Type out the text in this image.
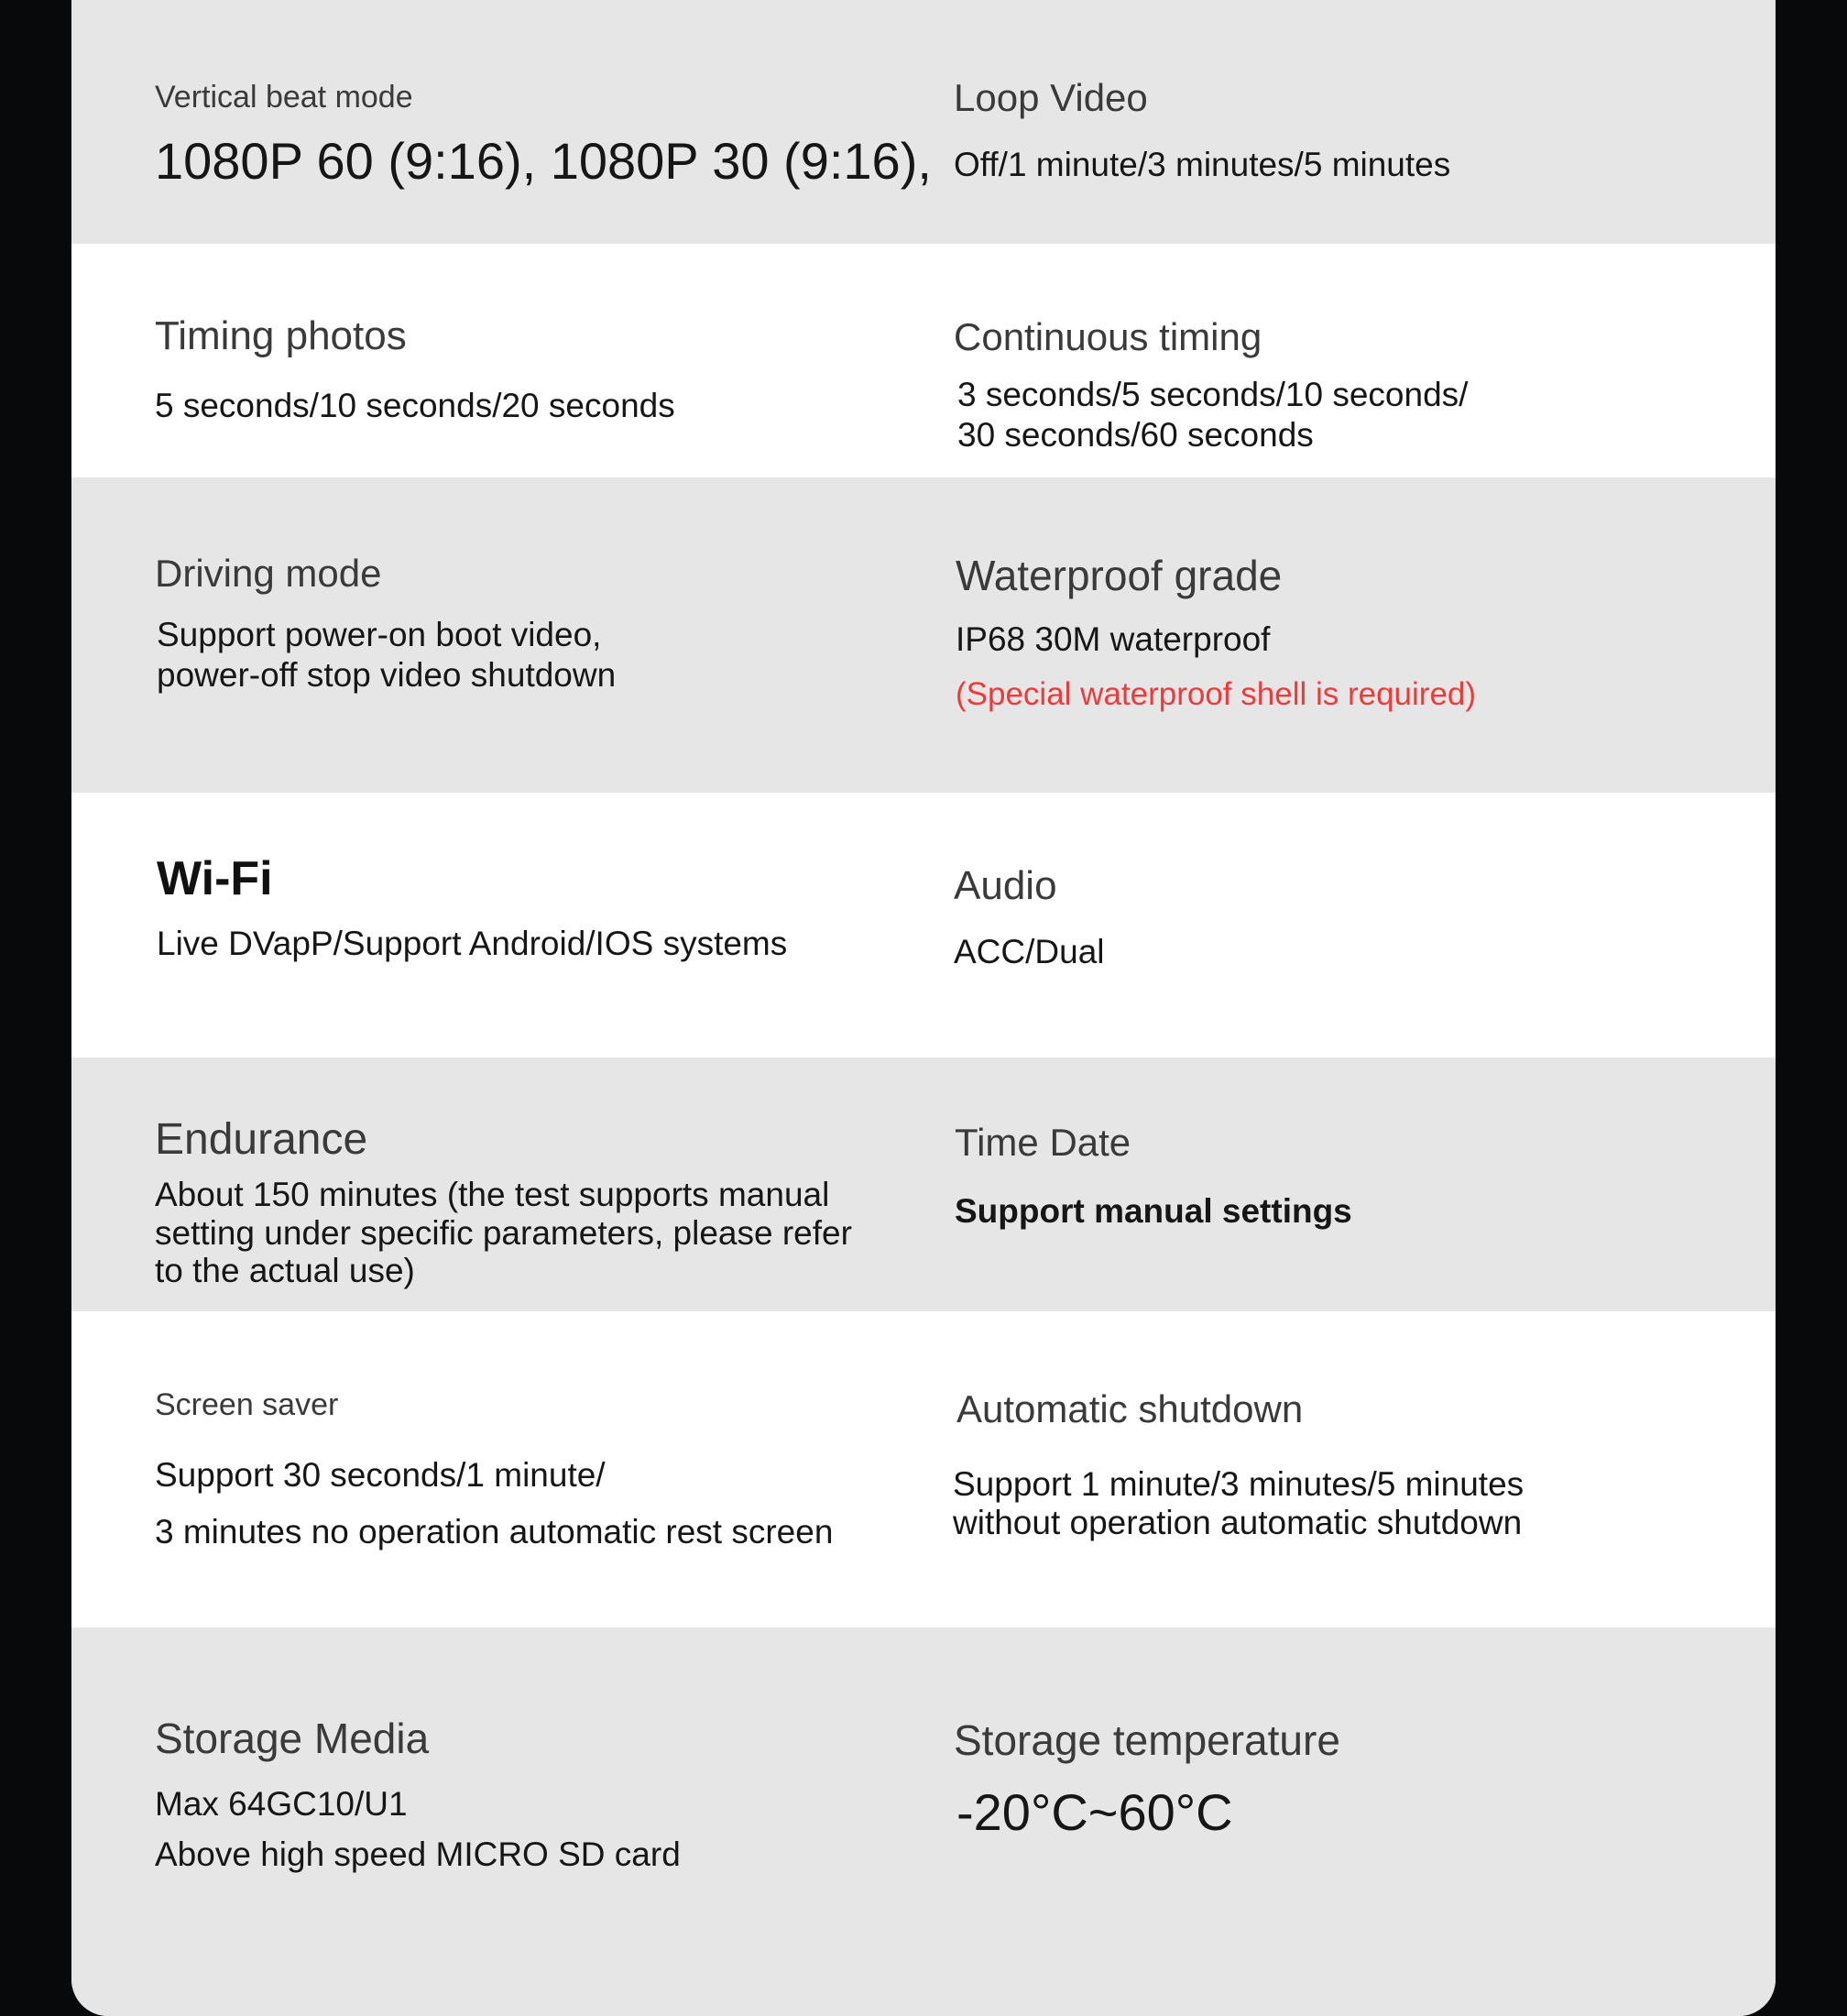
Vertical beat mode
1080P 60 (9:16), 1080P 30 (9:16),
Loop Video
Off/1 minute/3 minutes/5 minutes
Timing photos
5 seconds/10 seconds/20 seconds
Continuous timing
3 seconds/5 seconds/10 seconds/
30 seconds/60 seconds
Driving mode
Support power-on boot video,
power-off stop video shutdown
Waterproof grade
IP68 30M waterproof
(Special waterproof shell is required)
Wi-Fi
Live DVapP/Support Android/IOS systems
Audio
ACC/Dual
Endurance
About 150 minutes (the test supports manual
setting under specific parameters, please refer
to the actual use)
Time Date
Support manual settings
Screen saver
Support 30 seconds/1 minute/
3 minutes no operation automatic rest screen
Automatic shutdown
Support 1 minute/3 minutes/5 minutes
without operation automatic shutdown
Storage Media
Max 64GC10/U1
Above high speed MICRO SD card
Storage temperature
-20°C~60°C
